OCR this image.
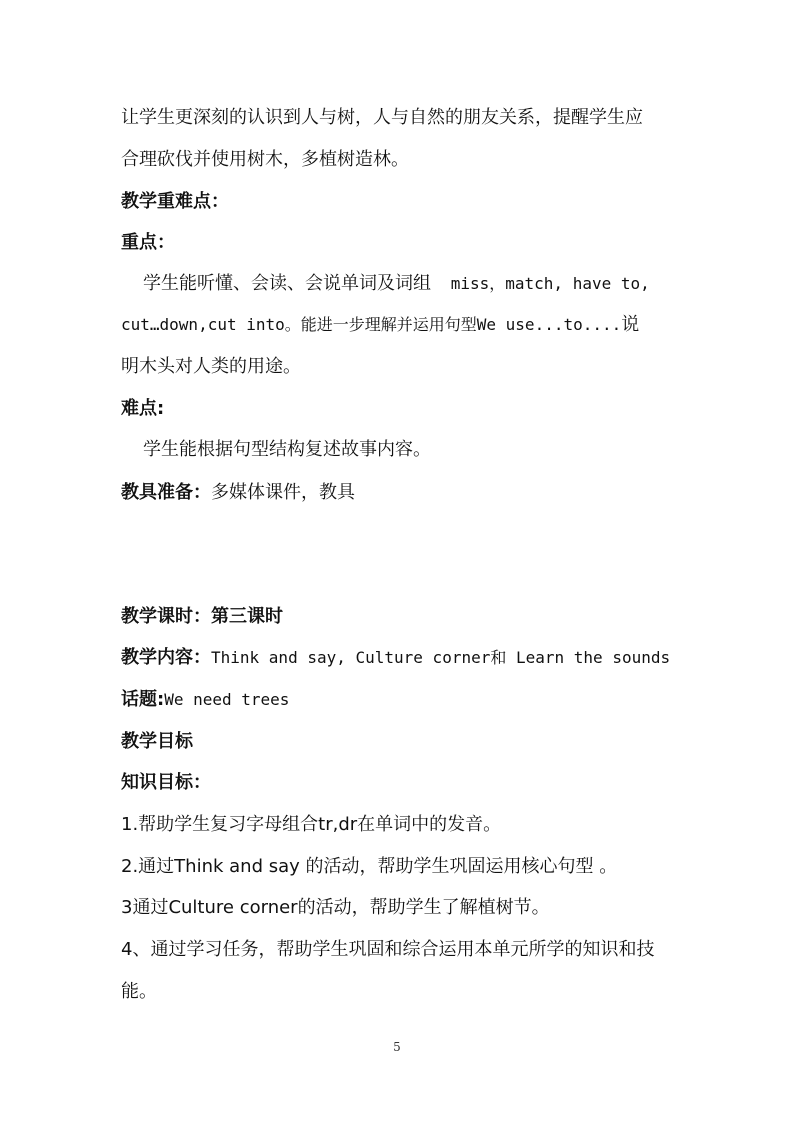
让学生更深刻的认识到人与树，人与自然的朋友关系，提醒学生应
合理砍伐并使用树木，多植树造林。
教学重难点：
重点：
学生能听懂、会读、会说单词及词组 miss，match, have to,
cut…down,cut into。能进一步理解并运用句型We use...to....说
明木头对人类的用途。
难点:
学生能根据句型结构复述故事内容。
教具准备：多媒体课件，教具
教学课时：第三课时
教学内容：Think and say, Culture corner和 Learn the sounds
话题:We need trees
教学目标
知识目标：
1.帮助学生复习字母组合tr,dr在单词中的发音。
2.通过Think and say 的活动，帮助学生巩固运用核心句型 。
3通过Culture corner的活动，帮助学生了解植树节。
4、通过学习任务，帮助学生巩固和综合运用本单元所学的知识和技
能。
5
